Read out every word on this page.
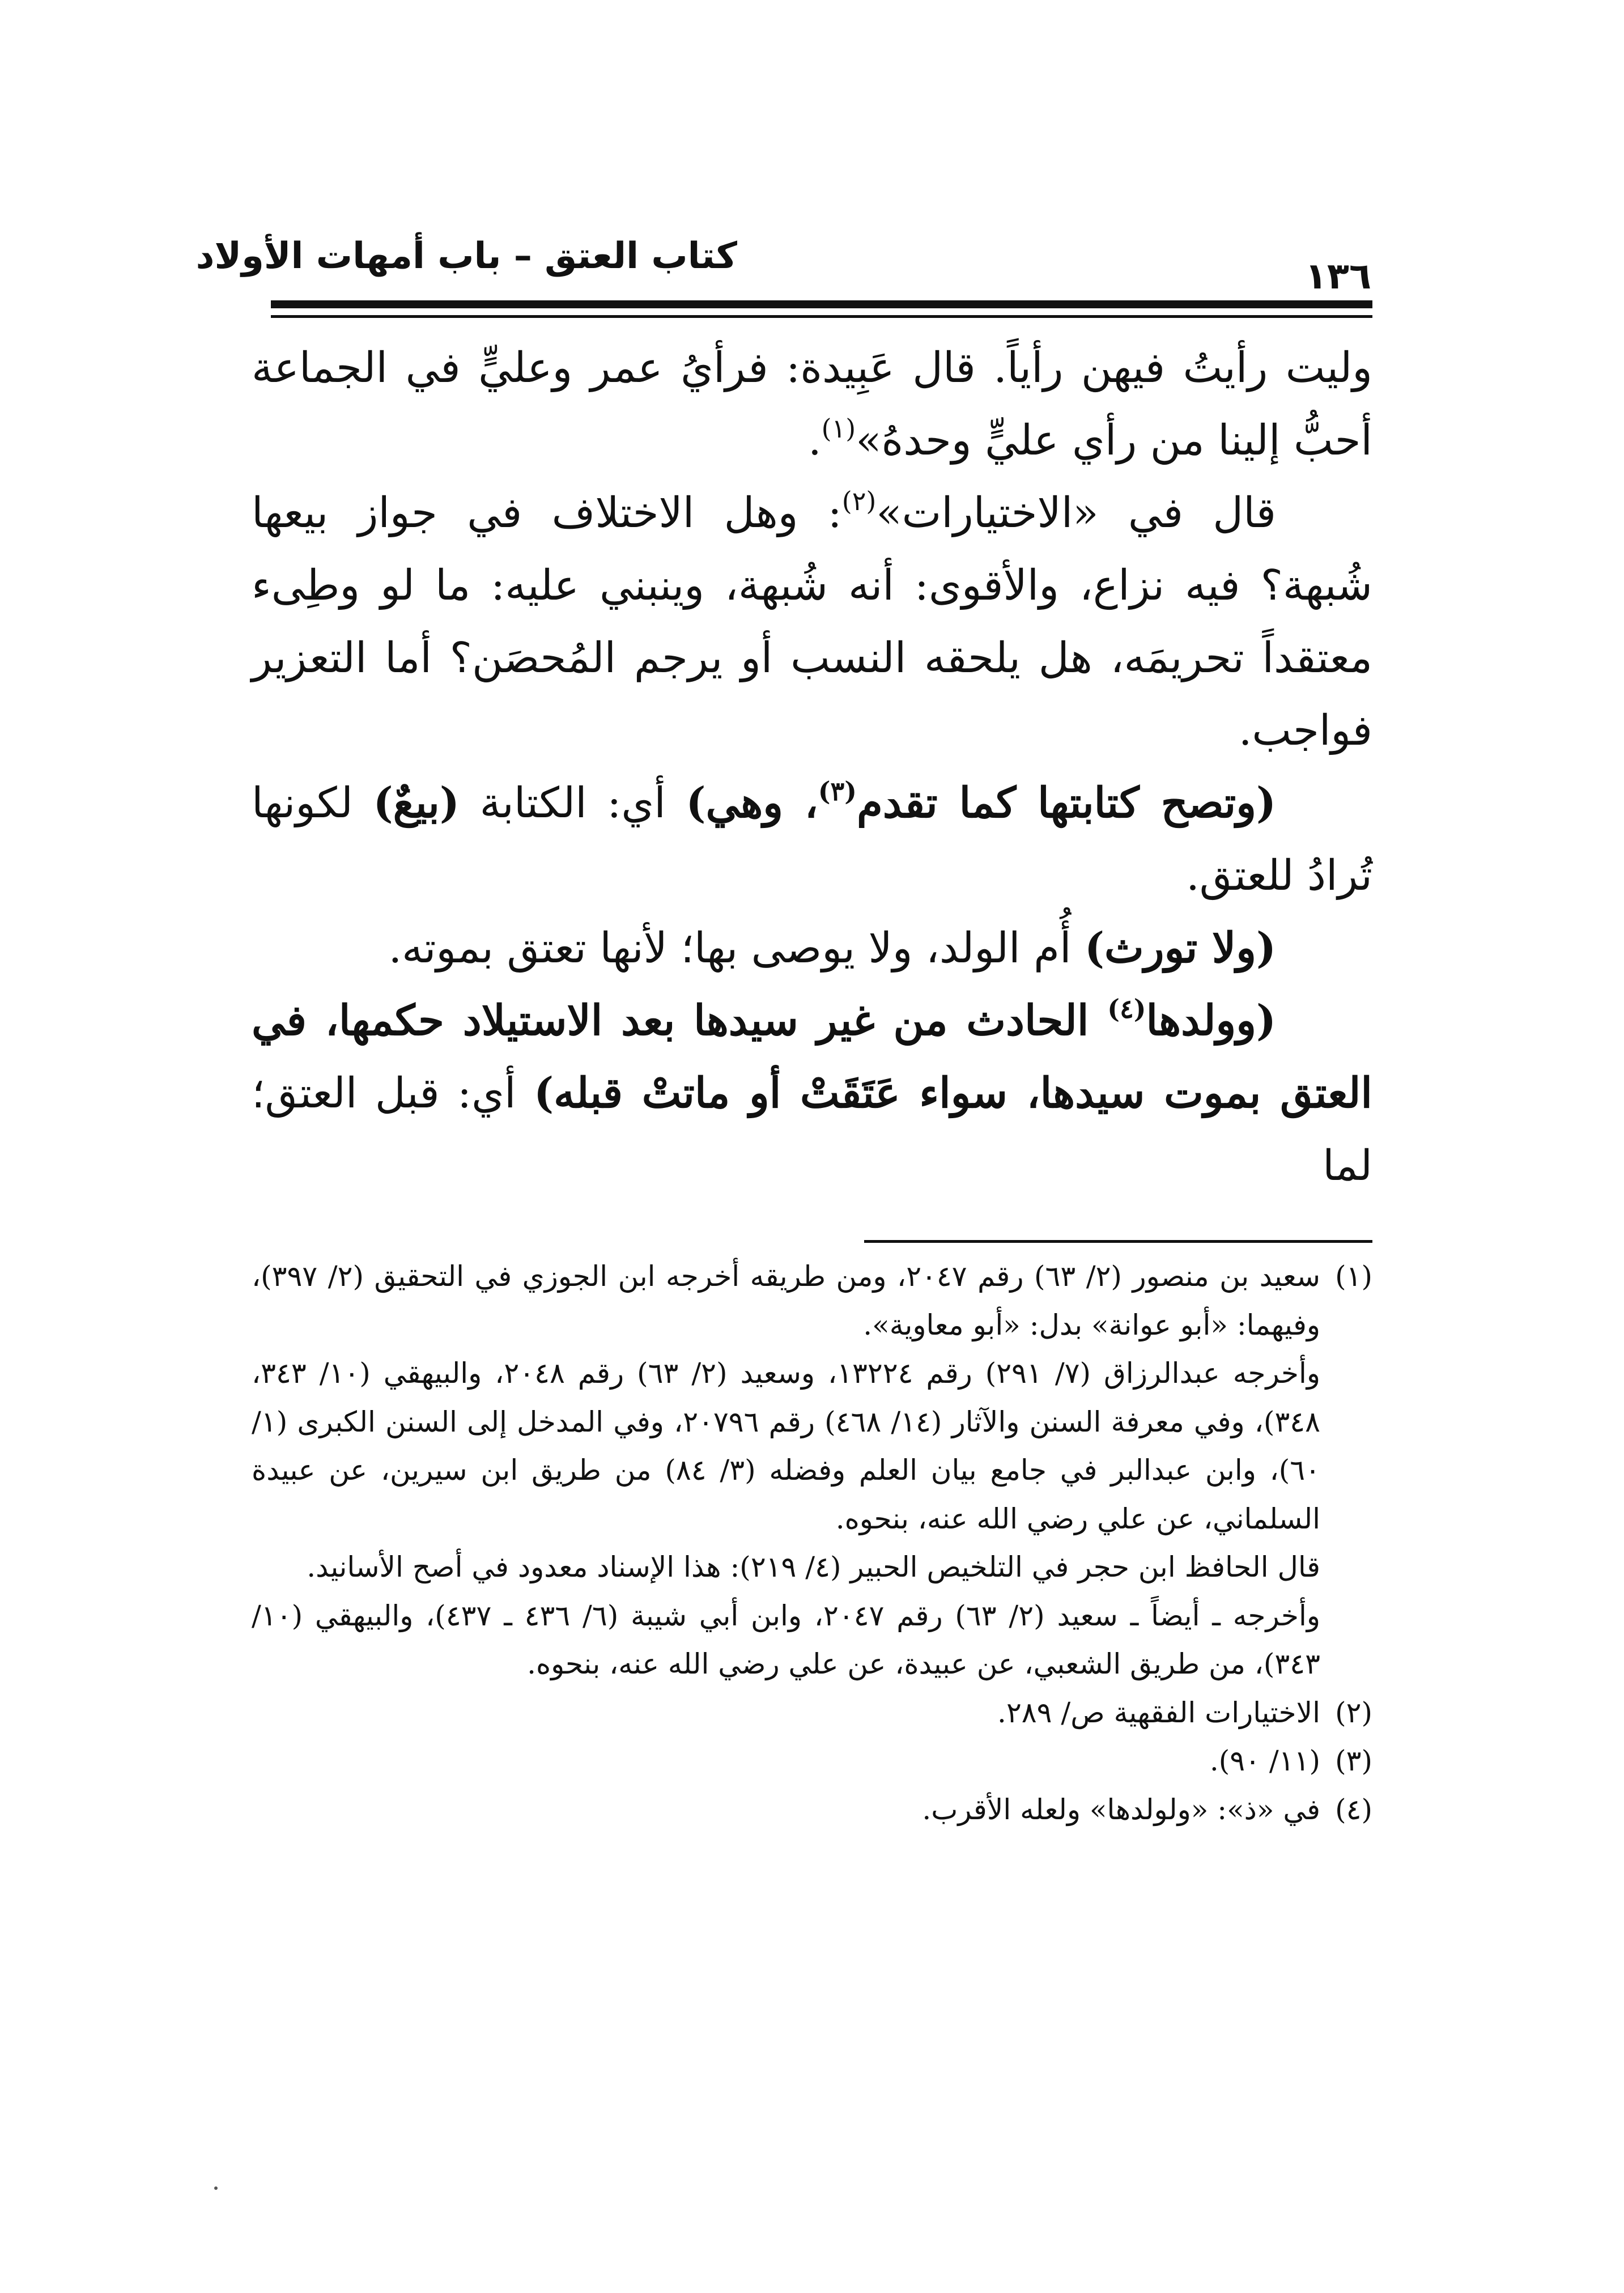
كتاب العتق – باب أمهات الأولاد	١٣٦

وليت رأيتُ فيهن رأياً. قال عَبِيدة: فرأيُ عمر وعليٍّ في الجماعة أحبُّ إلينا من رأي عليٍّ وحدهُ»$^{(١)}$.

قال في «الاختيارات»$^{(٢)}$: وهل الاختلاف في جواز بيعها شُبهة؟ فيه نزاع، والأقوى: أنه شُبهة، وينبني عليه: ما لو وطِىء معتقداً تحريمَه، هل يلحقه النسب أو يرجم المُحصَن؟ أما التعزير فواجب.

(وتصح كتابتها كما تقدم$^{(٣)}$، وهي) أي: الكتابة (بيعٌ) لكونها تُرادُ للعتق.

(ولا تورث) أُم الولد، ولا يوصى بها؛ لأنها تعتق بموته.

(وولدها$^{(٤)}$ الحادث من غير سيدها بعد الاستيلاد حكمها، في العتق بموت سيدها، سواء عَتَقَتْ أو ماتتْ قبله) أي: قبل العتق؛ لما

(١)
سعيد بن منصور (٢/ ٦٣) رقم ٢٠٤٧، ومن طريقه أخرجه ابن الجوزي في التحقيق (٢/ ٣٩٧)، وفيهما: «أبو عوانة» بدل: «أبو معاوية».

وأخرجه عبدالرزاق (٧/ ٢٩١) رقم ١٣٢٢٤، وسعيد (٢/ ٦٣) رقم ٢٠٤٨، والبيهقي (١٠/ ٣٤٣، ٣٤٨)، وفي معرفة السنن والآثار (١٤/ ٤٦٨) رقم ٢٠٧٩٦، وفي المدخل إلى السنن الكبرى (١/ ٦٠)، وابن عبدالبر في جامع بيان العلم وفضله (٣/ ٨٤) من طريق ابن سيرين، عن عبيدة السلماني، عن علي رضي الله عنه، بنحوه.

قال الحافظ ابن حجر في التلخيص الحبير (٤/ ٢١٩): هذا الإسناد معدود في أصح الأسانيد.

وأخرجه ـ أيضاً ـ سعيد (٢/ ٦٣) رقم ٢٠٤٧، وابن أبي شيبة (٦/ ٤٣٦ ـ ٤٣٧)، والبيهقي (١٠/ ٣٤٣)، من طريق الشعبي، عن عبيدة، عن علي رضي الله عنه، بنحوه.

(٢)
الاختيارات الفقهية ص/ ٢٨٩.

(٣)
(١١/ ٩٠).

(٤)
في «ذ»: «ولولدها» ولعله الأقرب.
